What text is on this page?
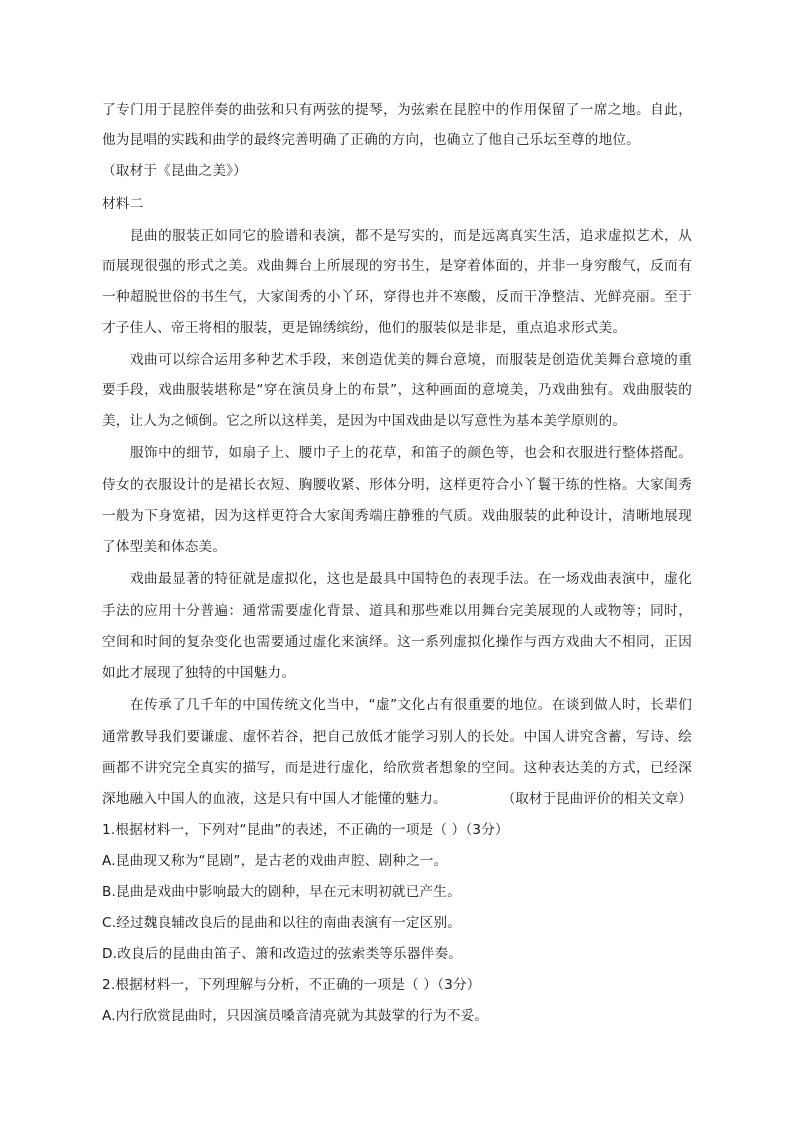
了专门用于昆腔伴奏的曲弦和只有两弦的提琴，为弦索在昆腔中的作用保留了一席之地。自此，
他为昆唱的实践和曲学的最终完善明确了正确的方向，也确立了他自己乐坛至尊的地位。
（取材于《昆曲之美》）
材料二
昆曲的服装正如同它的脸谱和表演，都不是写实的，而是远离真实生活，追求虚拟艺术，从
而展现很强的形式之美。戏曲舞台上所展现的穷书生，是穿着体面的，并非一身穷酸气，反而有
一种超脱世俗的书生气，大家闺秀的小丫环，穿得也并不寒酸，反而干净整洁、光鲜亮丽。至于
才子佳人、帝王将相的服装，更是锦绣缤纷，他们的服装似是非是，重点追求形式美。
戏曲可以综合运用多种艺术手段，来创造优美的舞台意境，而服装是创造优美舞台意境的重
要手段，戏曲服装堪称是“穿在演员身上的布景”，这种画面的意境美，乃戏曲独有。戏曲服装的
美，让人为之倾倒。它之所以这样美，是因为中国戏曲是以写意性为基本美学原则的。
服饰中的细节，如扇子上、腰巾子上的花草，和笛子的颜色等，也会和衣服进行整体搭配。
侍女的衣服设计的是裙长衣短、胸腰收紧、形体分明，这样更符合小丫鬟干练的性格。大家闺秀
一般为下身宽裙，因为这样更符合大家闺秀端庄静雅的气质。戏曲服装的此种设计，清晰地展现
了体型美和体态美。
戏曲最显著的特征就是虚拟化，这也是最具中国特色的表现手法。在一场戏曲表演中，虚化
手法的应用十分普遍：通常需要虚化背景、道具和那些难以用舞台完美展现的人或物等；同时，
空间和时间的复杂变化也需要通过虚化来演绎。这一系列虚拟化操作与西方戏曲大不相同，正因
如此才展现了独特的中国魅力。
在传承了几千年的中国传统文化当中，“虚”文化占有很重要的地位。在谈到做人时，长辈们
通常教导我们要谦虚、虚怀若谷，把自己放低才能学习别人的长处。中国人讲究含蓄，写诗、绘
画都不讲究完全真实的描写，而是进行虚化，给欣赏者想象的空间。这种表达美的方式，已经深
深地融入中国人的血液，这是只有中国人才能懂的魅力。	（取材于昆曲评价的相关文章）
1.根据材料一，下列对“昆曲”的表述，不正确的一项是（ ）（3分）
A.昆曲现又称为“昆剧”，是古老的戏曲声腔、剧种之一。
B.昆曲是戏曲中影响最大的剧种，早在元末明初就已产生。
C.经过魏良辅改良后的昆曲和以往的南曲表演有一定区别。
D.改良后的昆曲由笛子、箫和改造过的弦索类等乐器伴奏。
2.根据材料一，下列理解与分析，不正确的一项是（ ）（3分）
A.内行欣赏昆曲时，只因演员嗓音清亮就为其鼓掌的行为不妥。
